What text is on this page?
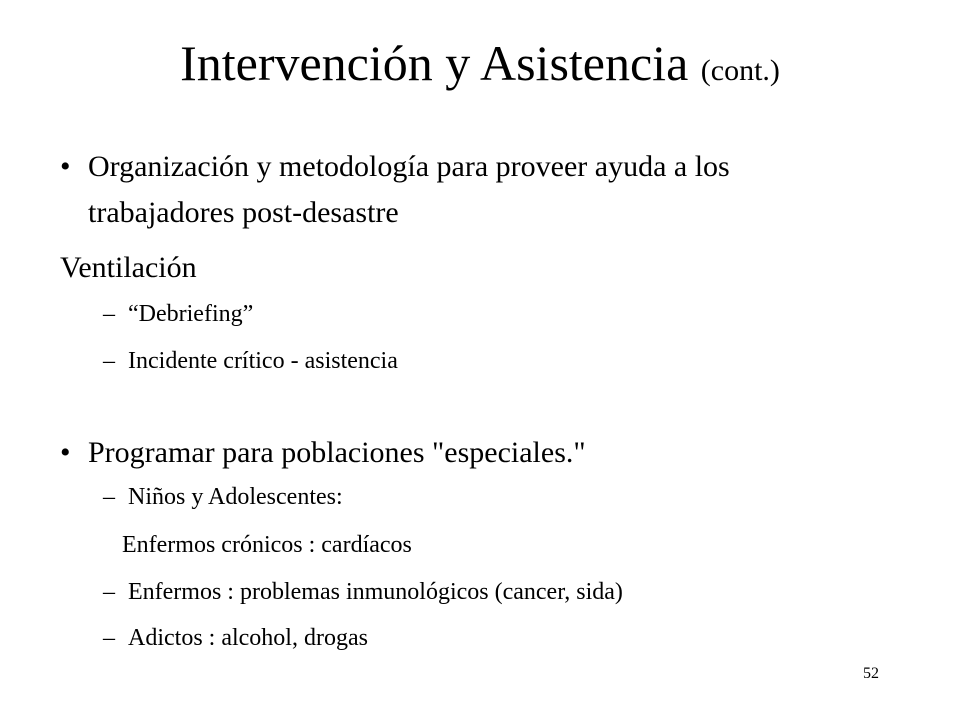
Intervención y Asistencia (cont.)
• Organización y metodología para proveer ayuda a los
trabajadores post-desastre
Ventilación
– “Debriefing”
– Incidente crítico - asistencia
• Programar para poblaciones "especiales."
– Niños y Adolescentes:
Enfermos crónicos : cardíacos
– Enfermos : problemas inmunológicos (cancer, sida)
– Adictos : alcohol, drogas
52
